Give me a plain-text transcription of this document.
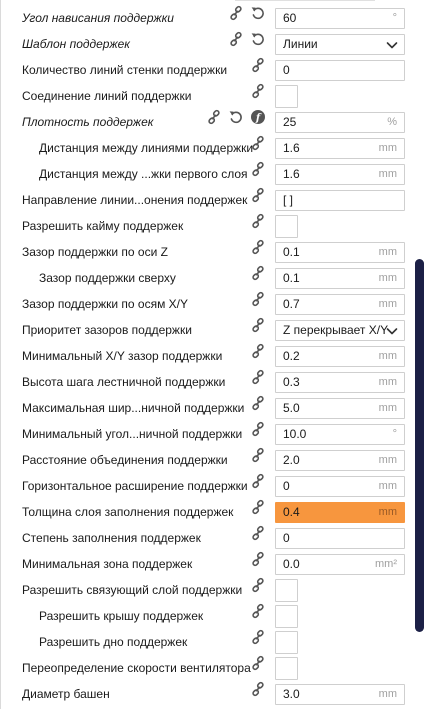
Угол нависания поддержки	60	°
Шаблон поддержек	Линии
Количество линий стенки поддержки	0
Соединение линий поддержки
Плотность поддержек	f 25	%
Дистанция между линиями поддержки 1.6	mm
Дистанция между ...жки первого слоя	1.6	mm
Направление линии...онения поддержек	[ ]
Разрешить кайму поддержек
Зазор поддержки по оси Z	0.1	mm
Зазор поддержки сверху	0.1	mm
Зазор поддержки по осям X/Y	0.7	mm
Приоритет зазоров поддержки	Z перекрывает X/Y
Минимальный X/Y зазор поддержки	0.2	mm
Высота шага лестничной поддержки	0.3	mm
Максимальная шир...ничной поддержки	5.0	mm
Минимальный угол...ничной поддержки	10.0	°
Расстояние объединения поддержки	2.0	mm
Горизонтальное расширение поддержки	0	mm
Толщина слоя заполнения поддержек	0.4	mm
Степень заполнения поддержек	0
Минимальная зона поддержек	0.0	mm²
Разрешить связующий слой поддержки
Разрешить крышу поддержек
Разрешить дно поддержек
Переопределение скорости вентилятора
Диаметр башен	3.0	mm
